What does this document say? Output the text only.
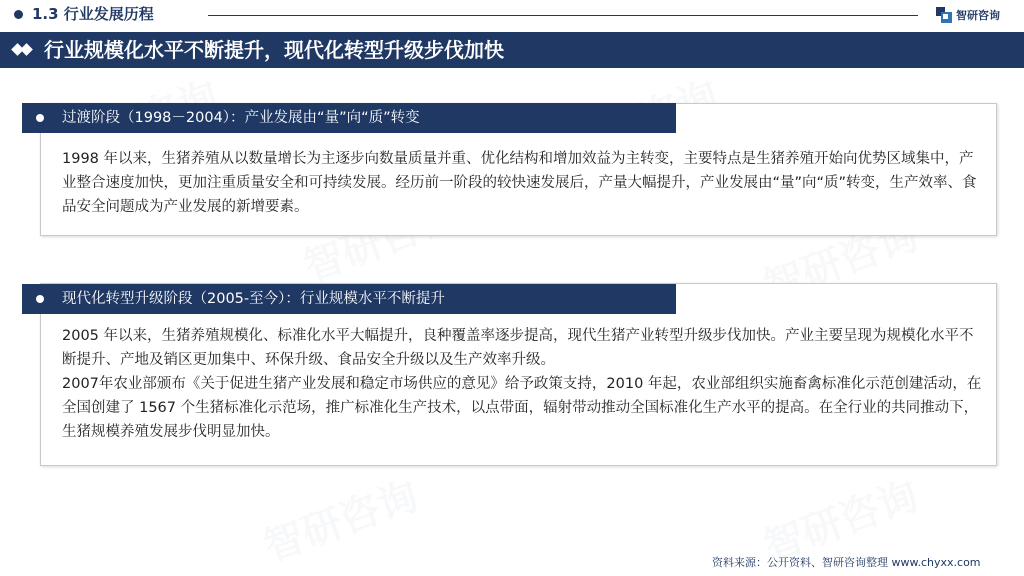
1.3 行业发展历程	智研咨询
行业规模化水平不断提升，现代化转型升级步伐加快
过渡阶段（1998－2004）：产业发展由“量”向“质”转变

1998 年以来，生猪养殖从以数量增长为主逐步向数量质量并重、优化结构和增加效益为主转变，主要特点是生猪养殖开始向优势区域集中，产业整合速度加快，更加注重质量安全和可持续发展。经历前一阶段的较快速发展后，产量大幅提升，产业发展由“量”向“质”转变，生产效率、食品安全问题成为产业发展的新增要素。

现代化转型升级阶段（2005-至今）：行业规模水平不断提升

2005 年以来，生猪养殖规模化、标准化水平大幅提升，良种覆盖率逐步提高，现代生猪产业转型升级步伐加快。产业主要呈现为规模化水平不断提升、产地及销区更加集中、环保升级、食品安全升级以及生产效率升级。

2007年农业部颁布《关于促进生猪产业发展和稳定市场供应的意见》给予政策支持，2010 年起，农业部组织实施畜禽标准化示范创建活动，在全国创建了 1567 个生猪标准化示范场，推广标准化生产技术，以点带面，辐射带动推动全国标准化生产水平的提高。在全行业的共同推动下，生猪规模养殖发展步伐明显加快。

资料来源：公开资料、智研咨询整理 www.chyxx.com
